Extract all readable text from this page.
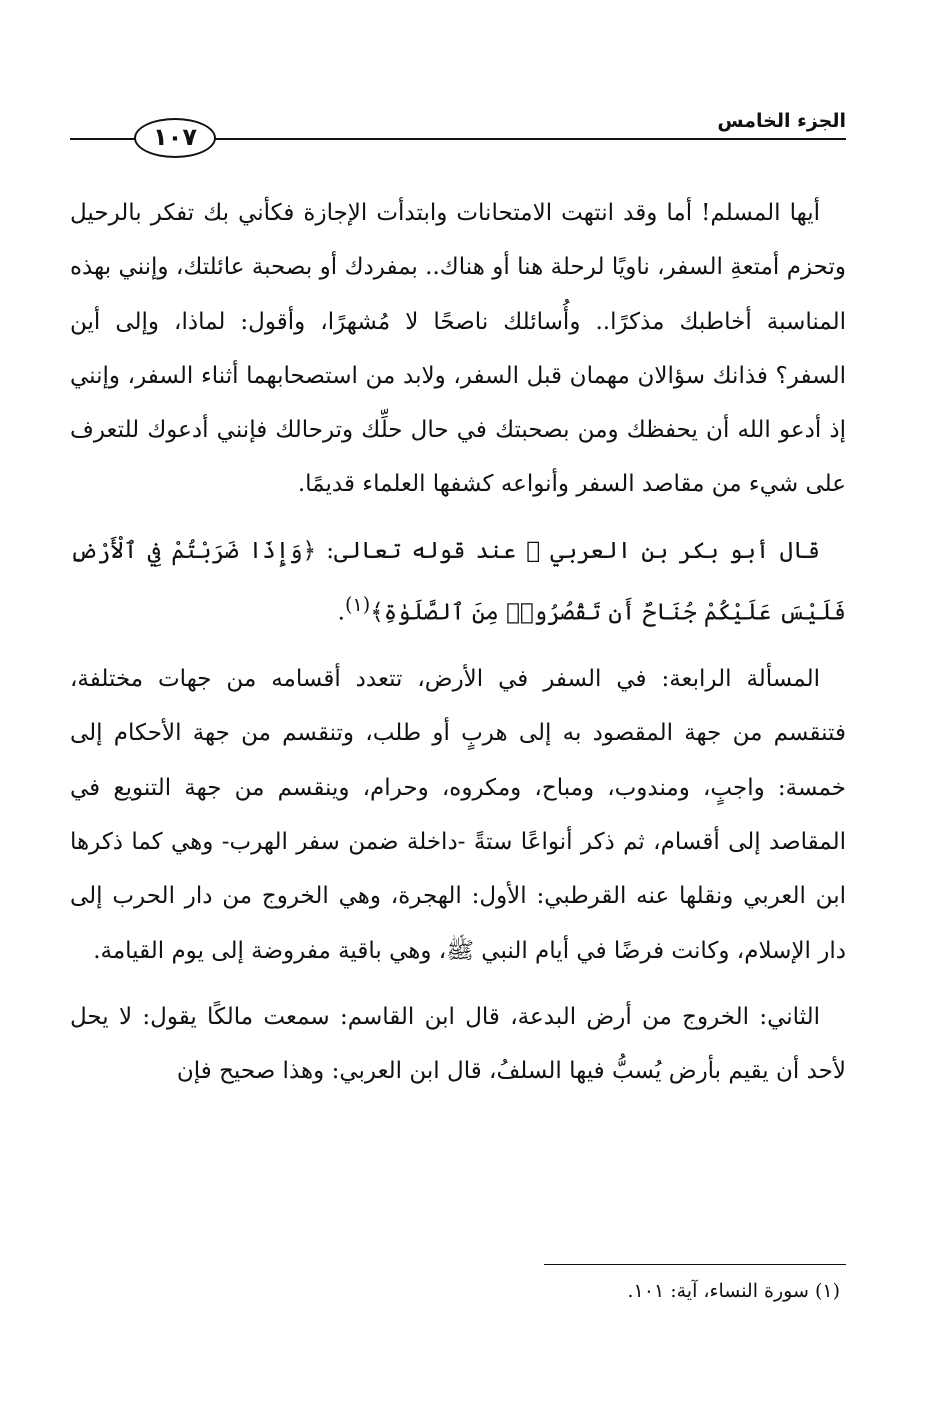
الجزء الخامس
١٠٧

أيها المسلم! أما وقد انتهت الامتحانات وابتدأت الإجازة فكأني بك تفكر بالرحيل وتحزم أمتعةِ السفر، ناويًا لرحلة هنا أو هناك.. بمفردك أو بصحبة عائلتك، وإنني بهذه المناسبة أخاطبك مذكرًا.. وأُسائلك ناصحًا لا مُشهرًا، وأقول: لماذا، وإلى أين السفر؟ فذانك سؤالان مهمان قبل السفر، ولابد من استصحابهما أثناء السفر، وإنني إذ أدعو الله أن يحفظك ومن بصحبتك في حال حلِّك وترحالك فإنني أدعوك للتعرف على شيء من مقاصد السفر وأنواعه كشفها العلماء قديمًا.

قال أبو بكر بن العربي ﵀ عند قوله تعالى: ﴿وَإِذَا ضَرَبْتُمْ فِي ٱلْأَرْضِ فَلَيْسَ عَلَيْكُمْ جُنَاحٌ أَن تَقْصُرُوا۟ مِنَ ٱلصَّلَوٰةِ﴾$^{(١)}$.

المسألة الرابعة: في السفر في الأرض، تتعدد أقسامه من جهات مختلفة، فتنقسم من جهة المقصود به إلى هربٍ أو طلب، وتنقسم من جهة الأحكام إلى خمسة: واجبٍ، ومندوب، ومباح، ومكروه، وحرام، وينقسم من جهة التنويع في المقاصد إلى أقسام، ثم ذكر أنواعًا ستةً -داخلة ضمن سفر الهرب- وهي كما ذكرها ابن العربي ونقلها عنه القرطبي: الأول: الهجرة، وهي الخروج من دار الحرب إلى دار الإسلام، وكانت فرضًا في أيام النبي ﷺ، وهي باقية مفروضة إلى يوم القيامة.

الثاني: الخروج من أرض البدعة، قال ابن القاسم: سمعت مالكًا يقول: لا يحل لأحد أن يقيم بأرض يُسبُّ فيها السلفُ، قال ابن العربي: وهذا صحيح فإن

(١) سورة النساء، آية: ١٠١.
